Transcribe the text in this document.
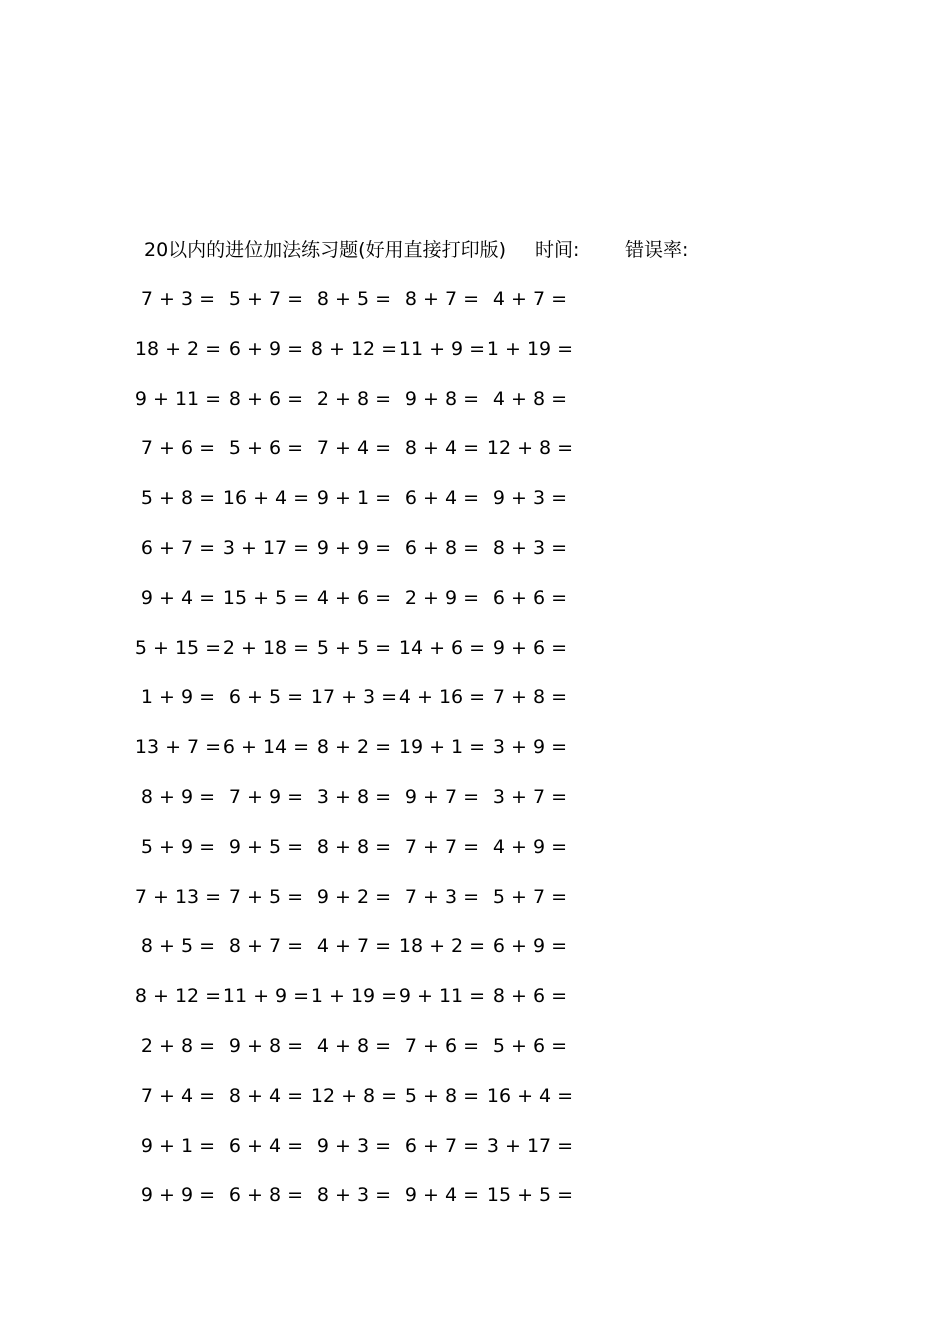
20以内的进位加法练习题(好用直接打印版) 时间: 错误率:
7 + 3 = 5 + 7 = 8 + 5 = 8 + 7 = 4 + 7 =
18 + 2 = 6 + 9 = 8 + 12 = 11 + 9 = 1 + 19 =
9 + 11 = 8 + 6 = 2 + 8 = 9 + 8 = 4 + 8 =
7 + 6 = 5 + 6 = 7 + 4 = 8 + 4 = 12 + 8 =
5 + 8 = 16 + 4 = 9 + 1 = 6 + 4 = 9 + 3 =
6 + 7 = 3 + 17 = 9 + 9 = 6 + 8 = 8 + 3 =
9 + 4 = 15 + 5 = 4 + 6 = 2 + 9 = 6 + 6 =
5 + 15 = 2 + 18 = 5 + 5 = 14 + 6 = 9 + 6 =
1 + 9 = 6 + 5 = 17 + 3 = 4 + 16 = 7 + 8 =
13 + 7 = 6 + 14 = 8 + 2 = 19 + 1 = 3 + 9 =
8 + 9 = 7 + 9 = 3 + 8 = 9 + 7 = 3 + 7 =
5 + 9 = 9 + 5 = 8 + 8 = 7 + 7 = 4 + 9 =
7 + 13 = 7 + 5 = 9 + 2 = 7 + 3 = 5 + 7 =
8 + 5 = 8 + 7 = 4 + 7 = 18 + 2 = 6 + 9 =
8 + 12 = 11 + 9 = 1 + 19 = 9 + 11 = 8 + 6 =
2 + 8 = 9 + 8 = 4 + 8 = 7 + 6 = 5 + 6 =
7 + 4 = 8 + 4 = 12 + 8 = 5 + 8 = 16 + 4 =
9 + 1 = 6 + 4 = 9 + 3 = 6 + 7 = 3 + 17 =
9 + 9 = 6 + 8 = 8 + 3 = 9 + 4 = 15 + 5 =
